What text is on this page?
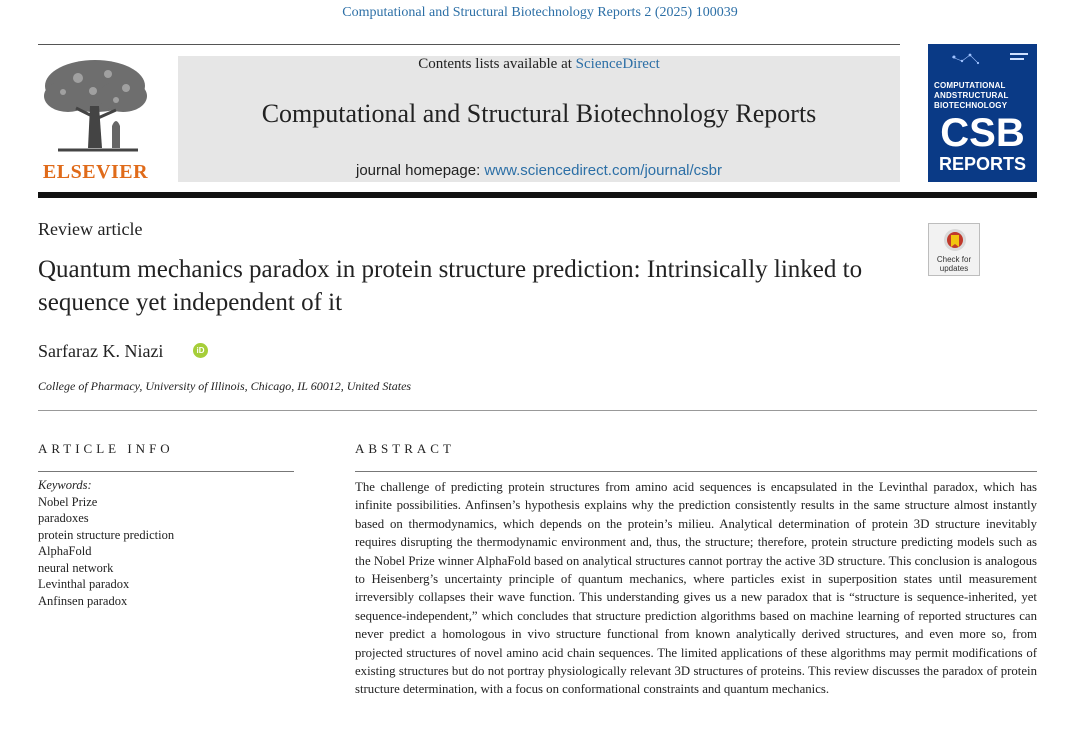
Computational and Structural Biotechnology Reports 2 (2025) 100039
ELSEVIER
Contents lists available at ScienceDirect
Computational and Structural Biotechnology Reports
journal homepage: www.sciencedirect.com/journal/csbr
COMPUTATIONAL
ANDSTRUCTURAL
BIOTECHNOLOGY
CSB
REPORTS
Review article
Check for
updates
Quantum mechanics paradox in protein structure prediction: Intrinsically linked to sequence yet independent of it
Sarfaraz K. Niazi	iD
College of Pharmacy, University of Illinois, Chicago, IL 60012, United States
ARTICLE INFO
Keywords:
Nobel Prize
paradoxes
protein structure prediction
AlphaFold
neural network
Levinthal paradox
Anfinsen paradox
ABSTRACT
The challenge of predicting protein structures from amino acid sequences is encapsulated in the Levinthal paradox, which has infinite possibilities. Anfinsen’s hypothesis explains why the prediction consistently results in the same structure almost instantly based on thermodynamics, which depends on the protein’s milieu. Analytical determination of protein 3D structure inevitably requires disrupting the thermodynamic environment and, thus, the structure; therefore, protein structure predicting models such as the Nobel Prize winner AlphaFold based on analytical structures cannot portray the active 3D structure. This conclusion is analogous to Heisenberg’s uncertainty principle of quantum mechanics, where particles exist in superposition states until measurement irreversibly collapses their wave function. This understanding gives us a new paradox that is “structure is sequence-inherited, yet sequence-independent,” which concludes that structure prediction algorithms based on machine learning of reported structures can never predict a homologous in vivo structure functional from known analytically derived structures, and even more so, from projected structures of novel amino acid chain sequences. The limited applications of these algorithms may permit modifications of existing structures but do not portray physiologically relevant 3D structures of proteins. This review discusses the paradox of protein structure determination, with a focus on conformational constraints and quantum mechanics.
